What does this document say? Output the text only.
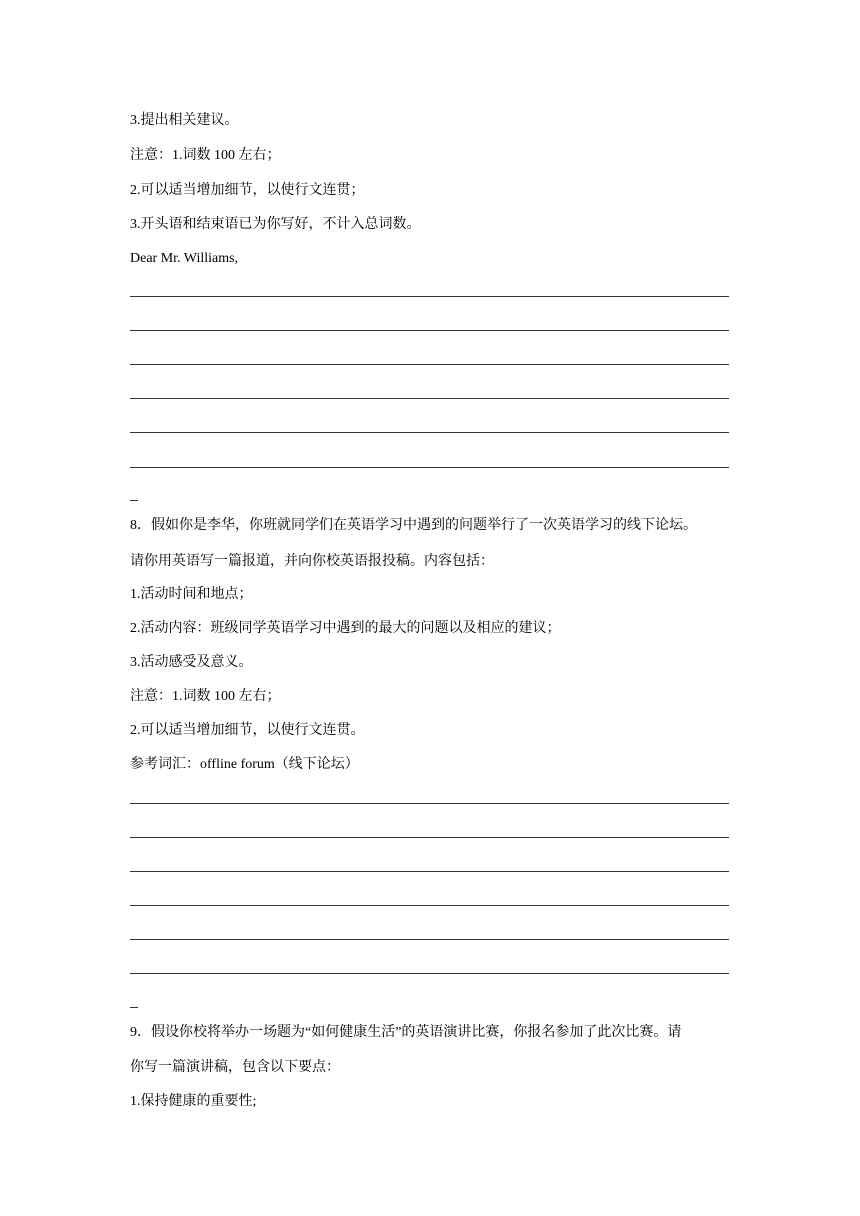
3.提出相关建议。

注意：1.词数 100 左右；

2.可以适当增加细节，以使行文连贯；

3.开头语和结束语已为你写好，不计入总词数。

Dear Mr. Williams,

8．假如你是李华，你班就同学们在英语学习中遇到的问题举行了一次英语学习的线下论坛。

请你用英语写一篇报道，并向你校英语报投稿。内容包括：

1.活动时间和地点；

2.活动内容：班级同学英语学习中遇到的最大的问题以及相应的建议；

3.活动感受及意义。

注意：1.词数 100 左右；

2.可以适当增加细节，以使行文连贯。

参考词汇：offline forum（线下论坛）

9．假设你校将举办一场题为“如何健康生活”的英语演讲比赛，你报名参加了此次比赛。请

你写一篇演讲稿，包含以下要点：

1.保持健康的重要性;
